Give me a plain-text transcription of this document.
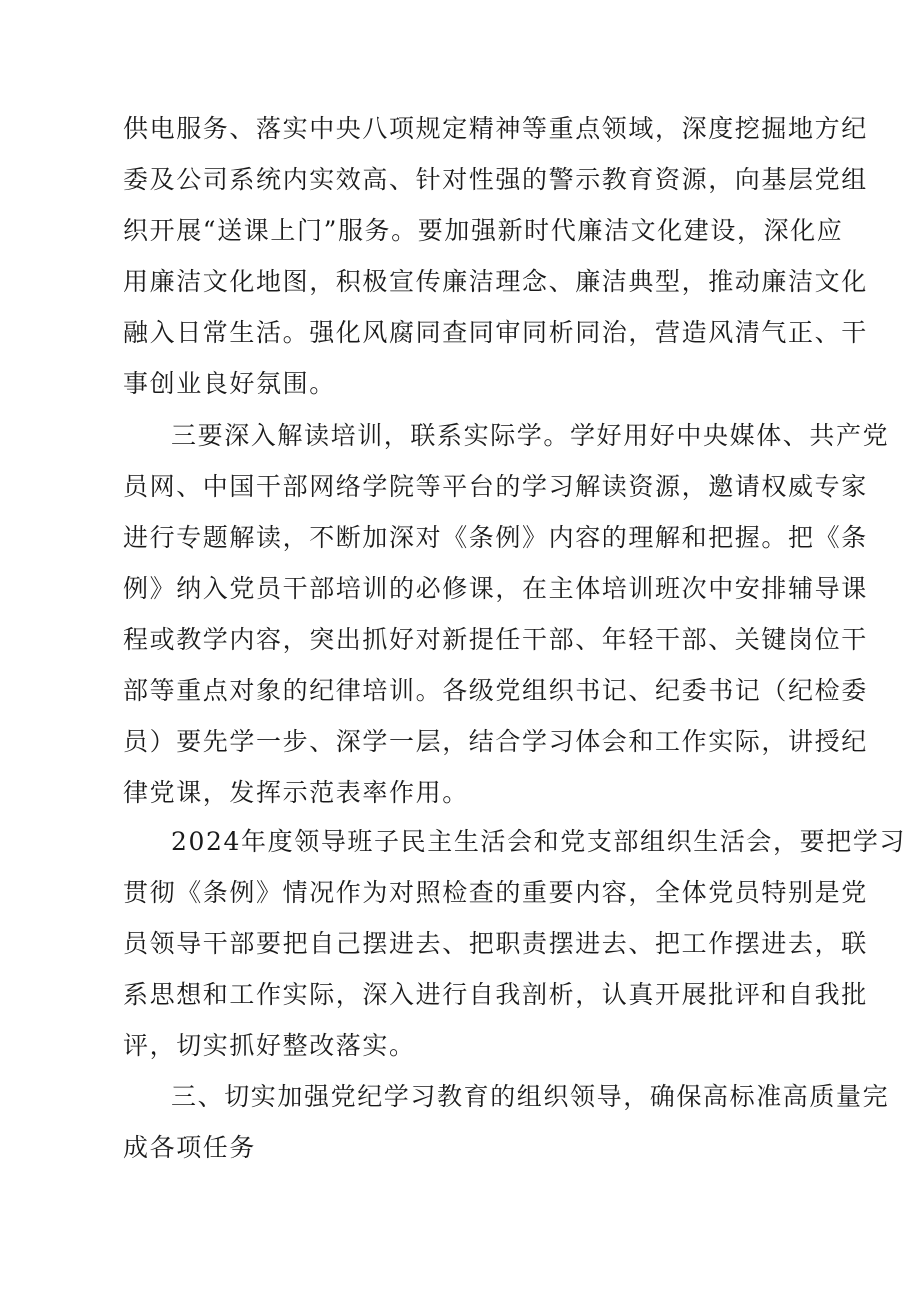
供电服务、落实中央八项规定精神等重点领域，深度挖掘地方纪
委及公司系统内实效高、针对性强的警示教育资源，向基层党组
织开展“送课上门”服务。要加强新时代廉洁文化建设，深化应
用廉洁文化地图，积极宣传廉洁理念、廉洁典型，推动廉洁文化
融入日常生活。强化风腐同查同审同析同治，营造风清气正、干
事创业良好氛围。

三要深入解读培训，联系实际学。学好用好中央媒体、共产党
员网、中国干部网络学院等平台的学习解读资源，邀请权威专家
进行专题解读，不断加深对《条例》内容的理解和把握。把《条
例》纳入党员干部培训的必修课，在主体培训班次中安排辅导课
程或教学内容，突出抓好对新提任干部、年轻干部、关键岗位干
部等重点对象的纪律培训。各级党组织书记、纪委书记（纪检委
员）要先学一步、深学一层，结合学习体会和工作实际，讲授纪
律党课，发挥示范表率作用。

2024年度领导班子民主生活会和党支部组织生活会，要把学习
贯彻《条例》情况作为对照检查的重要内容，全体党员特别是党
员领导干部要把自己摆进去、把职责摆进去、把工作摆进去，联
系思想和工作实际，深入进行自我剖析，认真开展批评和自我批
评，切实抓好整改落实。

三、切实加强党纪学习教育的组织领导，确保高标准高质量完
成各项任务
